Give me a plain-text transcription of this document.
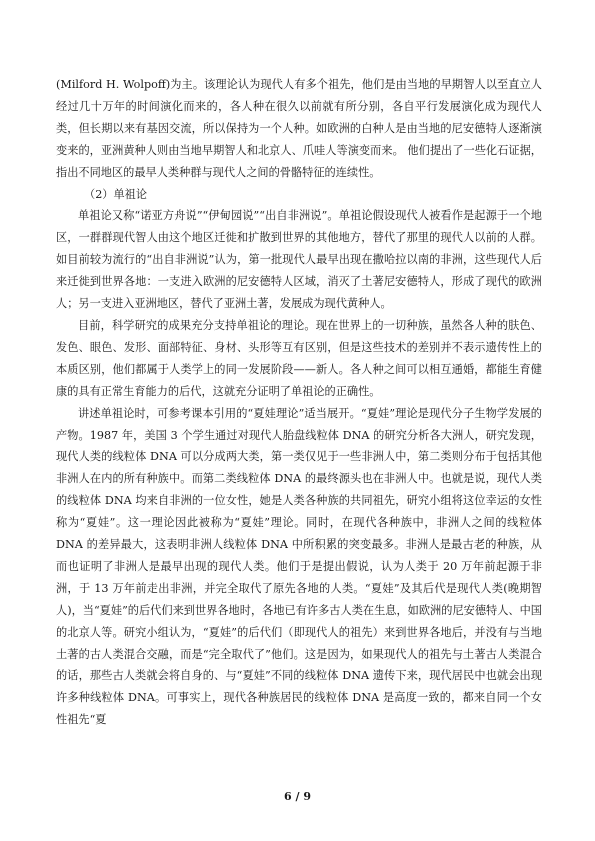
(Milford H. Wolpoff)为主。该理论认为现代人有多个祖先，他们是由当地的早期智人以至直立人经过几十万年的时间演化而来的，各人种在很久以前就有所分别，各自平行发展演化成为现代人类，但长期以来有基因交流，所以保持为一个人种。如欧洲的白种人是由当地的尼安德特人逐渐演变来的，亚洲黄种人则由当地早期智人和北京人、爪哇人等演变而来。 他们提出了一些化石证据，指出不同地区的最早人类种群与现代人之间的骨骼特征的连续性。

（2）单祖论

单祖论又称“诺亚方舟说”“伊甸园说”“出自非洲说”。单祖论假设现代人被看作是起源于一个地区，一群群现代智人由这个地区迁徙和扩散到世界的其他地方，替代了那里的现代人以前的人群。如目前较为流行的“出自非洲说”认为，第一批现代人最早出现在撒哈拉以南的非洲，这些现代人后来迁徙到世界各地：一支进入欧洲的尼安德特人区域，消灭了土著尼安德特人，形成了现代的欧洲人；另一支进入亚洲地区，替代了亚洲土著，发展成为现代黄种人。

目前，科学研究的成果充分支持单祖论的理论。现在世界上的一切种族，虽然各人种的肤色、发色、眼色、发形、面部特征、身材、头形等互有区别，但是这些技术的差别并不表示遗传性上的本质区别，他们都属于人类学上的同一发展阶段——新人。各人种之间可以相互通婚，都能生育健康的具有正常生育能力的后代，这就充分证明了单祖论的正确性。

讲述单祖论时，可参考课本引用的“夏娃理论”适当展开。“夏娃”理论是现代分子生物学发展的产物。1987 年，美国 3 个学生通过对现代人胎盘线粒体 DNA 的研究分析各大洲人，研究发现，现代人类的线粒体 DNA 可以分成两大类，第一类仅见于一些非洲人中，第二类则分布于包括其他非洲人在内的所有种族中。而第二类线粒体 DNA 的最终源头也在非洲人中。也就是说，现代人类的线粒体 DNA 均来自非洲的一位女性，她是人类各种族的共同祖先，研究小组将这位幸运的女性称为“夏娃”。这一理论因此被称为“夏娃”理论。同时，在现代各种族中，非洲人之间的线粒体 DNA 的差异最大，这表明非洲人线粒体 DNA 中所积累的突变最多。非洲人是最古老的种族，从而也证明了非洲人是最早出现的现代人类。他们于是提出假说，认为人类于 20 万年前起源于非洲，于 13 万年前走出非洲，并完全取代了原先各地的人类。“夏娃”及其后代是现代人类(晚期智人)，当“夏娃”的后代们来到世界各地时，各地已有许多古人类在生息，如欧洲的尼安德特人、中国的北京人等。研究小组认为，“夏娃”的后代们（即现代人的祖先）来到世界各地后，并没有与当地土著的古人类混合交融，而是“完全取代了”他们。这是因为，如果现代人的祖先与土著古人类混合的话，那些古人类就会将自身的、与“夏娃”不同的线粒体 DNA 遗传下来，现代居民中也就会出现许多种线粒体 DNA。可事实上，现代各种族居民的线粒体 DNA 是高度一致的，都来自同一个女性祖先“夏

6 / 9
